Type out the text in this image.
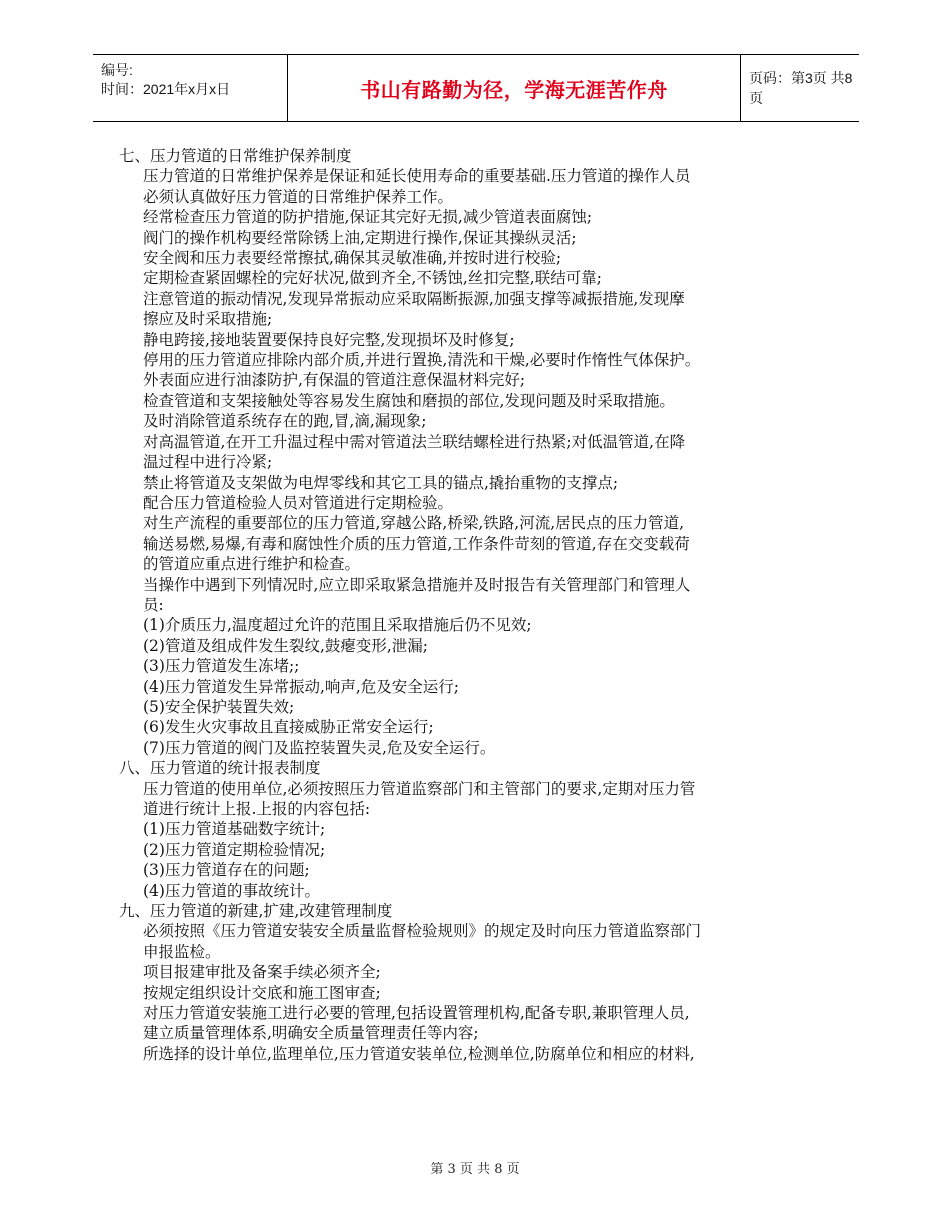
编号:
时间：2021年x月x日	书山有路勤为径，学海无涯苦作舟	页码：第3页 共8页

七、压力管道的日常维护保养制度

压力管道的日常维护保养是保证和延长使用寿命的重要基础.压力管道的操作人员

必须认真做好压力管道的日常维护保养工作。

经常检查压力管道的防护措施,保证其完好无损,减少管道表面腐蚀;

阀门的操作机构要经常除锈上油,定期进行操作,保证其操纵灵活;

安全阀和压力表要经常擦拭,确保其灵敏准确,并按时进行校验;

定期检查紧固螺栓的完好状况,做到齐全,不锈蚀,丝扣完整,联结可靠;

注意管道的振动情况,发现异常振动应采取隔断振源,加强支撑等减振措施,发现摩

擦应及时采取措施;

静电跨接,接地装置要保持良好完整,发现损坏及时修复;

停用的压力管道应排除内部介质,并进行置换,清洗和干燥,必要时作惰性气体保护。

外表面应进行油漆防护,有保温的管道注意保温材料完好;

检查管道和支架接触处等容易发生腐蚀和磨损的部位,发现问题及时采取措施。

及时消除管道系统存在的跑,冒,滴,漏现象;

对高温管道,在开工升温过程中需对管道法兰联结螺栓进行热紧;对低温管道,在降

温过程中进行冷紧;

禁止将管道及支架做为电焊零线和其它工具的锚点,撬抬重物的支撑点;

配合压力管道检验人员对管道进行定期检验。

对生产流程的重要部位的压力管道,穿越公路,桥梁,铁路,河流,居民点的压力管道,

输送易燃,易爆,有毒和腐蚀性介质的压力管道,工作条件苛刻的管道,存在交变载荷

的管道应重点进行维护和检查。

当操作中遇到下列情况时,应立即采取紧急措施并及时报告有关管理部门和管理人

员:

(1)介质压力,温度超过允许的范围且采取措施后仍不见效;

(2)管道及组成件发生裂纹,鼓瘪变形,泄漏;

(3)压力管道发生冻堵;;

(4)压力管道发生异常振动,响声,危及安全运行;

(5)安全保护装置失效;

(6)发生火灾事故且直接威胁正常安全运行;

(7)压力管道的阀门及监控装置失灵,危及安全运行。

八、压力管道的统计报表制度

压力管道的使用单位,必须按照压力管道监察部门和主管部门的要求,定期对压力管

道进行统计上报.上报的内容包括:

(1)压力管道基础数字统计;

(2)压力管道定期检验情况;

(3)压力管道存在的问题;

(4)压力管道的事故统计。

九、压力管道的新建,扩建,改建管理制度

必须按照《压力管道安装安全质量监督检验规则》的规定及时向压力管道监察部门

申报监检。

项目报建审批及备案手续必须齐全;

按规定组织设计交底和施工图审查;

对压力管道安装施工进行必要的管理,包括设置管理机构,配备专职,兼职管理人员,

建立质量管理体系,明确安全质量管理责任等内容;

所选择的设计单位,监理单位,压力管道安装单位,检测单位,防腐单位和相应的材料,

第 3 页 共 8 页
